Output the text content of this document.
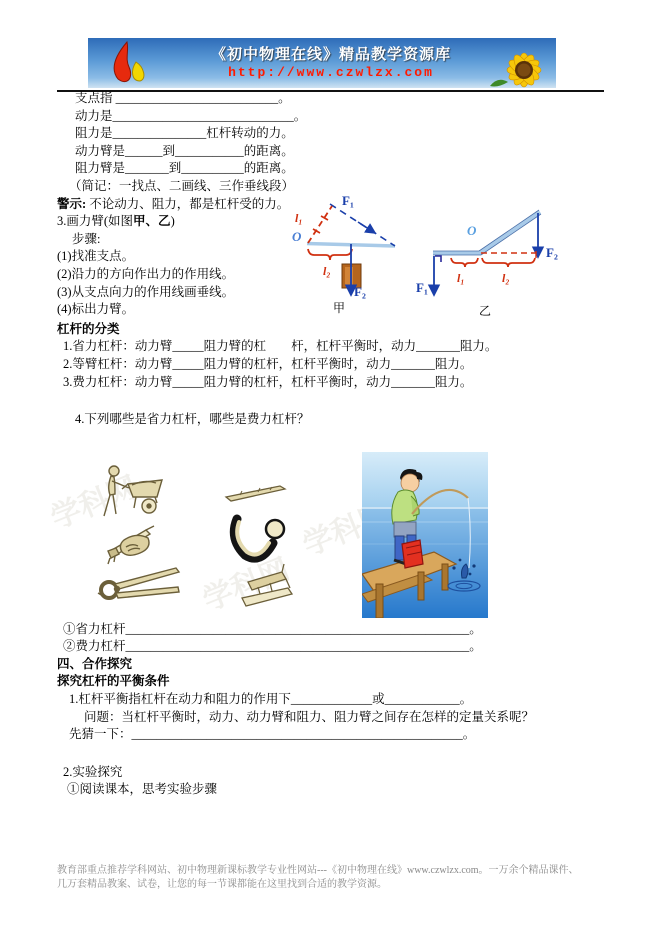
《初中物理在线》精品教学资源库
http://www.czwlzx.com
支点指 __________________________。
动力是_____________________________。
阻力是_______________杠杆转动的力。
动力臂是______到___________的距离。
阻力臂是_______到__________的距离。
（简记：一找点、二画线、三作垂线段）
警示: 不论动力、阻力，都是杠杆受的力。
3.画力臂(如图甲、乙)
步骤:
(1)找准支点。
(2)沿力的方向作出力的作用线。
(3)从支点向力的作用线画垂线。
(4)标出力臂。
杠杆的分类
1.省力杠杆：动力臂_____阻力臂的杠　　杆，杠杆平衡时，动力_______阻力。
2.等臂杠杆：动力臂_____阻力臂的杠杆，杠杆平衡时，动力_______阻力。
3.费力杠杆：动力臂_____阻力臂的杠杆，杠杆平衡时，动力_______阻力。
4.下列哪些是省力杠杆，哪些是费力杠杆？
①省力杠杆_______________________________________________________。
②费力杠杆_______________________________________________________。
四、合作探究
探究杠杆的平衡条件
1.杠杆平衡指杠杆在动力和阻力的作用下_____________或____________。
问题：当杠杆平衡时，动力、动力臂和阻力、阻力臂之间存在怎样的定量关系呢？
先猜一下：_____________________________________________________。
2.实验探究
①阅读课本，思考实验步骤
F₁
l₁
O
l₂
F₂
甲
O
F₁
F₂
l₁	l₂
乙
学科网
学科网
学科网
教育部重点推荐学科网站、初中物理新课标教学专业性网站---《初中物理在线》www.czwlzx.com。一万余个精品课件、
几万套精品教案、试卷，让您的每一节课都能在这里找到合适的教学资源。
